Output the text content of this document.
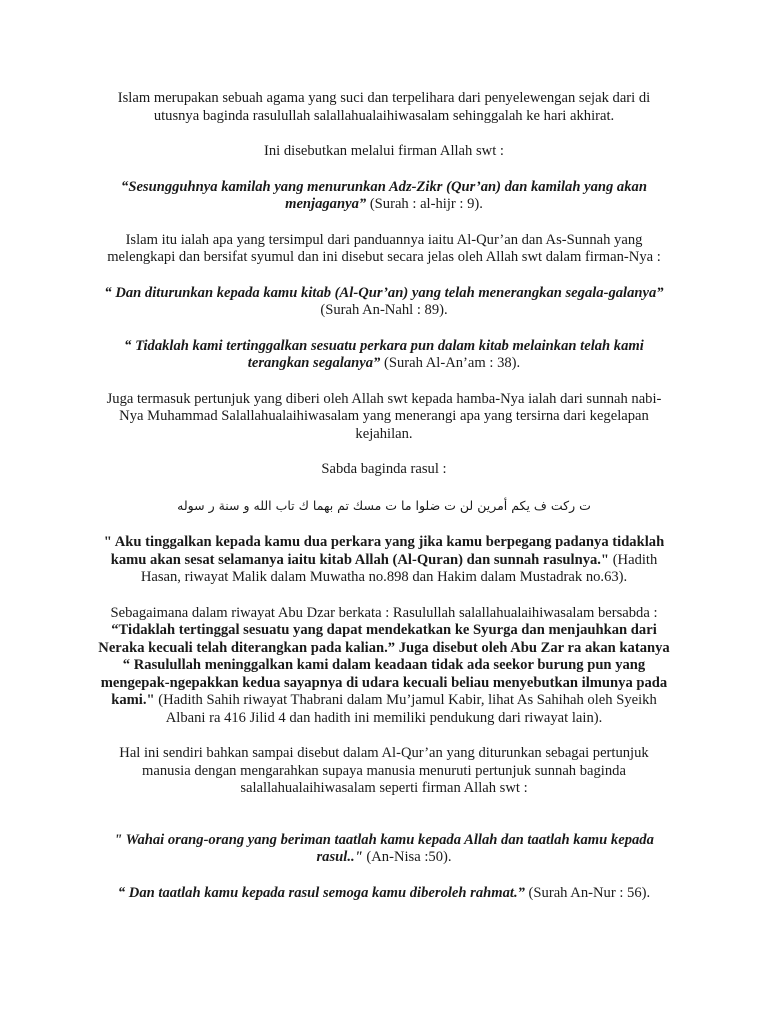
Islam merupakan sebuah agama yang suci dan terpelihara dari penyelewengan sejak dari di utusnya baginda rasulullah salallahualaihiwasalam sehinggalah ke hari akhirat.

Ini disebutkan melalui firman Allah swt :

“Sesungguhnya kamilah yang menurunkan Adz-Zikr (Qur’an) dan kamilah yang akan menjaganya” (Surah : al-hijr : 9).

Islam itu ialah apa yang tersimpul dari panduannya iaitu Al-Qur’an dan As-Sunnah yang melengkapi dan bersifat syumul dan ini disebut secara jelas oleh Allah swt dalam firman-Nya :

“ Dan diturunkan kepada kamu kitab (Al-Qur’an) yang telah menerangkan segala-galanya” (Surah An-Nahl : 89).

“ Tidaklah kami tertinggalkan sesuatu perkara pun dalam kitab melainkan telah kami terangkan segalanya” (Surah Al-An’am : 38).

Juga termasuk pertunjuk yang diberi oleh Allah swt kepada hamba-Nya ialah dari sunnah nabi-Nya Muhammad Salallahualaihiwasalam yang menerangi apa yang tersirna dari kegelapan kejahilan.

Sabda baginda rasul :

ت ركت ف يكم أمرين لن ت ضلوا ما ت مسك تم بهما ك تاب الله و سنة ر سوله

" Aku tinggalkan kepada kamu dua perkara yang jika kamu berpegang padanya tidaklah kamu akan sesat selamanya iaitu kitab Allah (Al-Quran) dan sunnah rasulnya." (Hadith Hasan, riwayat Malik dalam Muwatha no.898 dan Hakim dalam Mustadrak no.63).

Sebagaimana dalam riwayat Abu Dzar berkata : Rasulullah salallahualaihiwasalam bersabda : “Tidaklah tertinggal sesuatu yang dapat mendekatkan ke Syurga dan menjauhkan dari Neraka kecuali telah diterangkan pada kalian.” Juga disebut oleh Abu Zar ra akan katanya “ Rasulullah meninggalkan kami dalam keadaan tidak ada seekor burung pun yang mengepak-ngepakkan kedua sayapnya di udara kecuali beliau menyebutkan ilmunya pada kami." (Hadith Sahih riwayat Thabrani dalam Mu’jamul Kabir, lihat As Sahihah oleh Syeikh Albani ra 416 Jilid 4 dan hadith ini memiliki pendukung dari riwayat lain).

Hal ini sendiri bahkan sampai disebut dalam Al-Qur’an yang diturunkan sebagai pertunjuk manusia dengan mengarahkan supaya manusia menuruti pertunjuk sunnah baginda salallahualaihiwasalam seperti firman Allah swt :

" Wahai orang-orang yang beriman taatlah kamu kepada Allah dan taatlah kamu kepada rasul.." (An-Nisa :50).

“ Dan taatlah kamu kepada rasul semoga kamu diberoleh rahmat.” (Surah An-Nur : 56).
